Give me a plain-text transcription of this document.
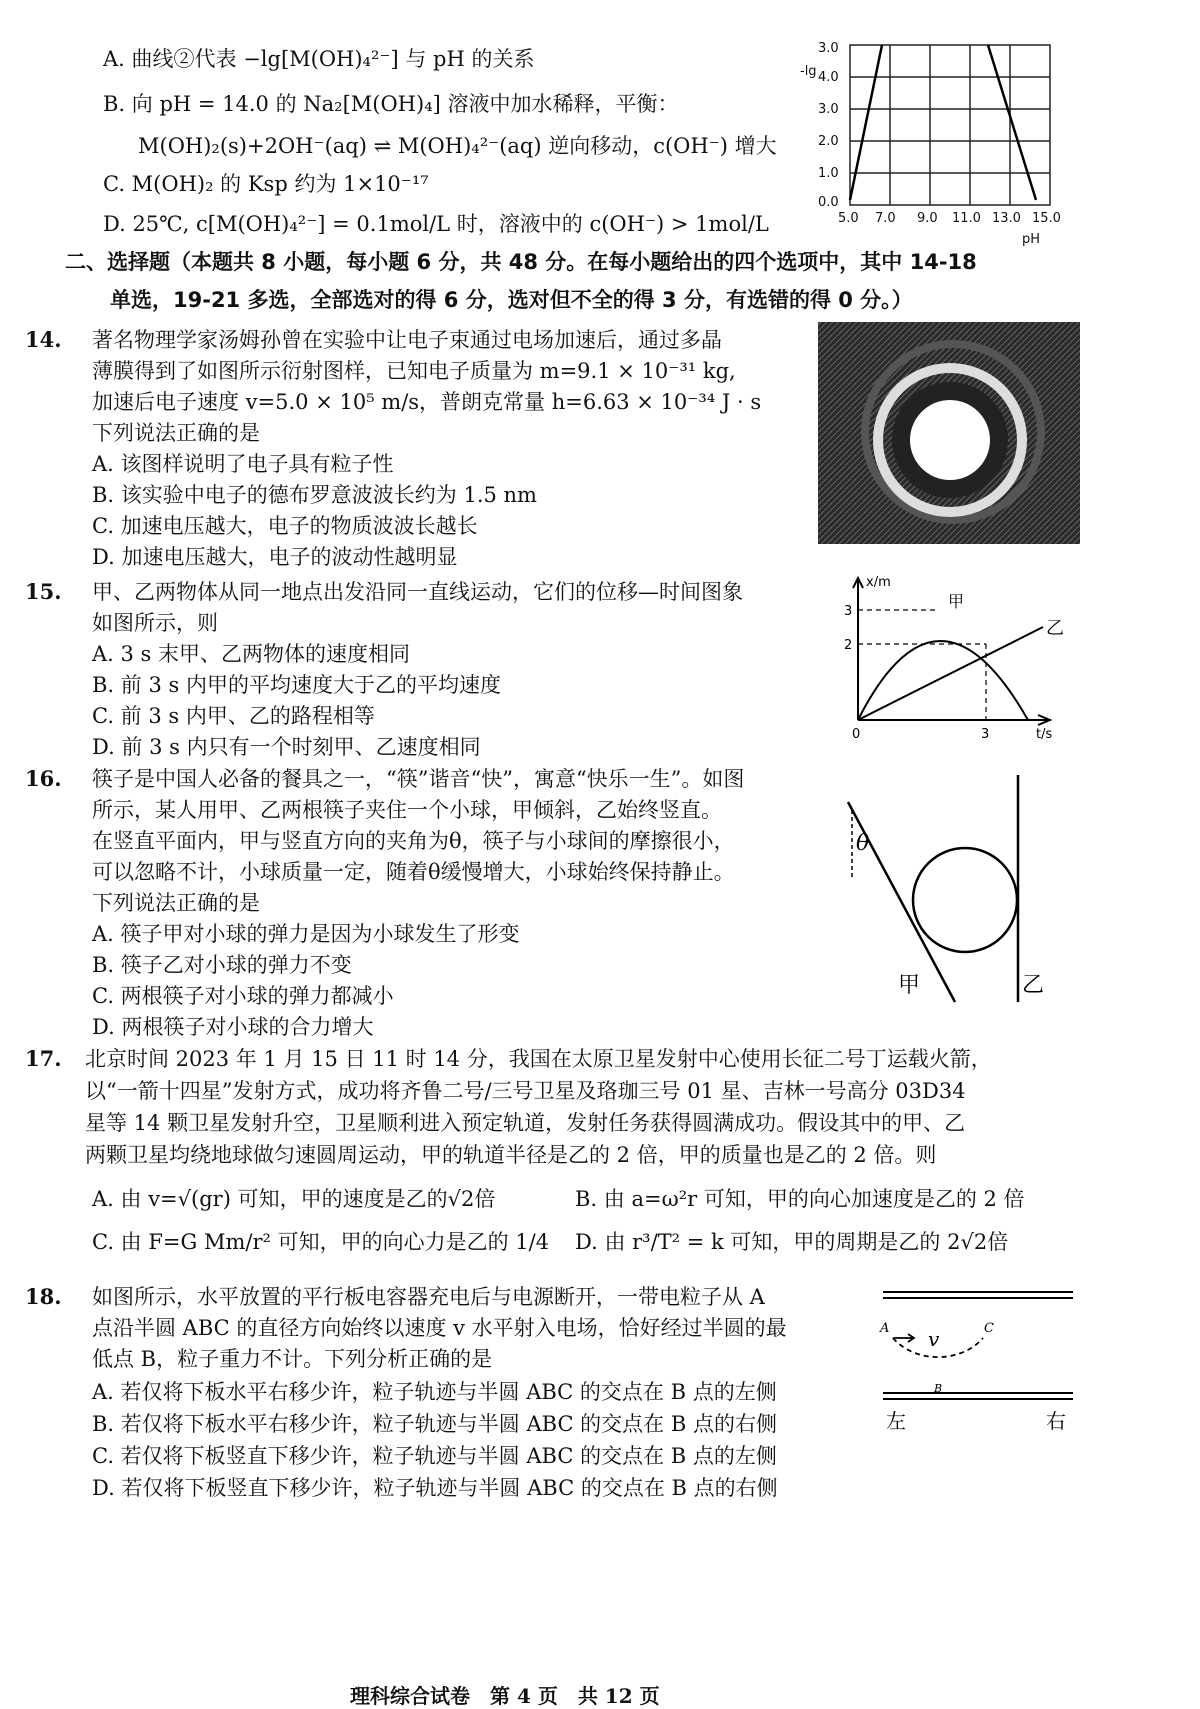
A. 曲线②代表 −lg[M(OH)₄²⁻] 与 pH 的关系
B. 向 pH = 14.0 的 Na₂[M(OH)₄] 溶液中加水稀释，平衡：
M(OH)₂(s)+2OH⁻(aq) ⇌ M(OH)₄²⁻(aq) 逆向移动，c(OH⁻) 增大
C. M(OH)₂ 的 Ksp 约为 1×10⁻¹⁷
D. 25℃, c[M(OH)₄²⁻] = 0.1mol/L 时，溶液中的 c(OH⁻) > 1mol/L
3.0
4.0
3.0
2.0
1.0
0.0
5.0 7.0 9.0 11.0 13.0 15.0
pH
-lg
二、选择题（本题共 8 小题，每小题 6 分，共 48 分。在每小题给出的四个选项中，其中 14-18
单选，19-21 多选，全部选对的得 6 分，选对但不全的得 3 分，有选错的得 0 分。）
14. 著名物理学家汤姆孙曾在实验中让电子束通过电场加速后，通过多晶
薄膜得到了如图所示衍射图样，已知电子质量为 m=9.1 × 10⁻³¹ kg,
加速后电子速度 v=5.0 × 10⁵ m/s，普朗克常量 h=6.63 × 10⁻³⁴ J · s
下列说法正确的是
A. 该图样说明了电子具有粒子性
B. 该实验中电子的德布罗意波波长约为 1.5 nm
C. 加速电压越大，电子的物质波波长越长
D. 加速电压越大，电子的波动性越明显
15. 甲、乙两物体从同一地点出发沿同一直线运动，它们的位移—时间图象
如图所示，则
A. 3 s 末甲、乙两物体的速度相同
B. 前 3 s 内甲的平均速度大于乙的平均速度
C. 前 3 s 内甲、乙的路程相等
D. 前 3 s 内只有一个时刻甲、乙速度相同
x/m
3
2
0	3	t/s
甲
乙
16. 筷子是中国人必备的餐具之一，“筷”谐音“快”，寓意“快乐一生”。如图
所示，某人用甲、乙两根筷子夹住一个小球，甲倾斜，乙始终竖直。
在竖直平面内，甲与竖直方向的夹角为θ，筷子与小球间的摩擦很小，
可以忽略不计，小球质量一定，随着θ缓慢增大，小球始终保持静止。
下列说法正确的是
A. 筷子甲对小球的弹力是因为小球发生了形变
B. 筷子乙对小球的弹力不变
C. 两根筷子对小球的弹力都减小
D. 两根筷子对小球的合力增大
θ
甲	乙
17. 北京时间 2023 年 1 月 15 日 11 时 14 分，我国在太原卫星发射中心使用长征二号丁运载火箭，
以“一箭十四星”发射方式，成功将齐鲁二号/三号卫星及珞珈三号 01 星、吉林一号高分 03D34
星等 14 颗卫星发射升空，卫星顺利进入预定轨道，发射任务获得圆满成功。假设其中的甲、乙
两颗卫星均绕地球做匀速圆周运动，甲的轨道半径是乙的 2 倍，甲的质量也是乙的 2 倍。则
A. 由 v=√(gr) 可知，甲的速度是乙的√2倍	B. 由 a=ω²r 可知，甲的向心加速度是乙的 2 倍
C. 由 F=G Mm/r² 可知，甲的向心力是乙的 1/4 D. 由 r³/T² = k 可知，甲的周期是乙的 2√2倍
18. 如图所示，水平放置的平行板电容器充电后与电源断开，一带电粒子从 A
点沿半圆 ABC 的直径方向始终以速度 v 水平射入电场，恰好经过半圆的最
低点 B，粒子重力不计。下列分析正确的是
A. 若仅将下板水平右移少许，粒子轨迹与半圆 ABC 的交点在 B 点的左侧
B. 若仅将下板水平右移少许，粒子轨迹与半圆 ABC 的交点在 B 点的右侧
C. 若仅将下板竖直下移少许，粒子轨迹与半圆 ABC 的交点在 B 点的左侧
D. 若仅将下板竖直下移少许，粒子轨迹与半圆 ABC 的交点在 B 点的右侧
A v	C
B
左	右
理科综合试卷　第 4 页　共 12 页
